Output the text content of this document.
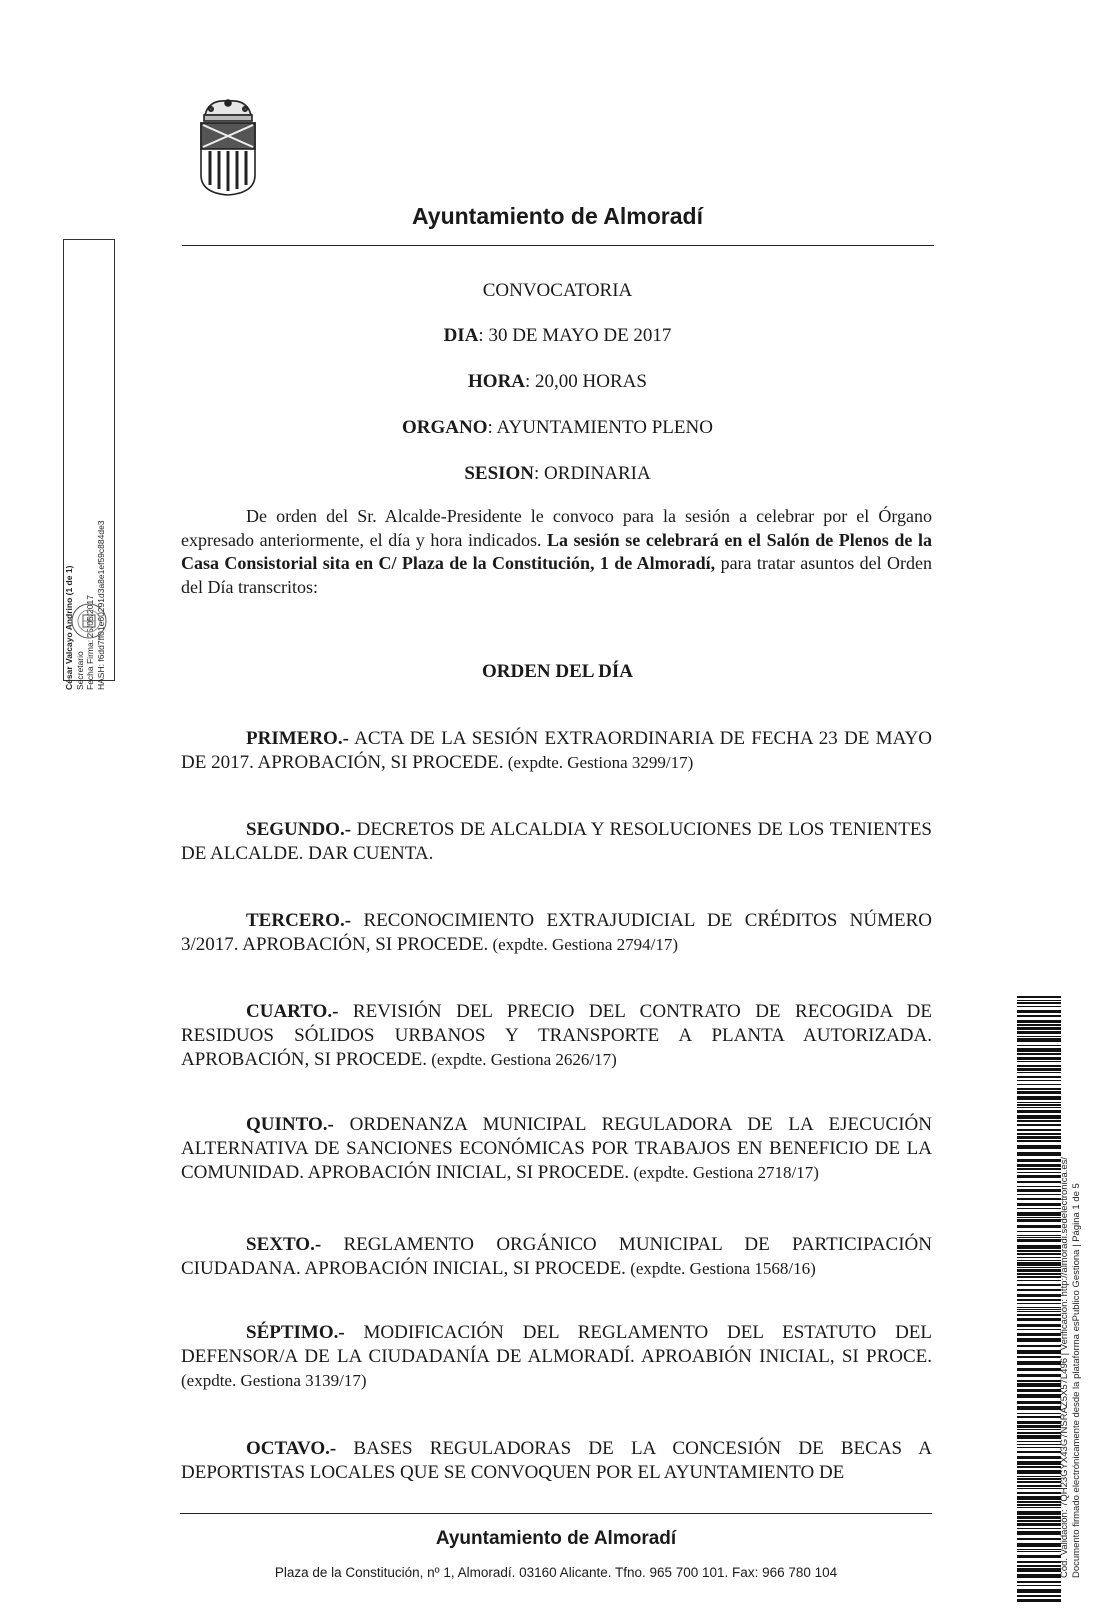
Ayuntamiento de Almoradí
César Valcayo Andrino (1 de 1) Secretario Fecha Firma: 25/05/2017 HASH: f6dd7ff01e60291d3a8e1ef59c884de3
CONVOCATORIA
DIA: 30 DE MAYO DE 2017
HORA: 20,00 HORAS
ORGANO: AYUNTAMIENTO PLENO
SESION: ORDINARIA
De orden del Sr. Alcalde-Presidente le convoco para la sesión a celebrar por el Órgano expresado anteriormente, el día y hora indicados. La sesión se celebrará en el Salón de Plenos de la Casa Consistorial sita en C/ Plaza de la Constitución, 1 de Almoradí, para tratar asuntos del Orden del Día transcritos:
ORDEN DEL DÍA
PRIMERO.- ACTA DE LA SESIÓN EXTRAORDINARIA DE FECHA 23 DE MAYO DE 2017. APROBACIÓN, SI PROCEDE. (expdte. Gestiona 3299/17)
SEGUNDO.- DECRETOS DE ALCALDIA Y RESOLUCIONES DE LOS TENIENTES DE ALCALDE. DAR CUENTA.
TERCERO.- RECONOCIMIENTO EXTRAJUDICIAL DE CRÉDITOS NÚMERO 3/2017. APROBACIÓN, SI PROCEDE. (expdte. Gestiona 2794/17)
CUARTO.- REVISIÓN DEL PRECIO DEL CONTRATO DE RECOGIDA DE RESIDUOS SÓLIDOS URBANOS Y TRANSPORTE A PLANTA AUTORIZADA. APROBACIÓN, SI PROCEDE. (expdte. Gestiona 2626/17)
QUINTO.- ORDENANZA MUNICIPAL REGULADORA DE LA EJECUCIÓN ALTERNATIVA DE SANCIONES ECONÓMICAS POR TRABAJOS EN BENEFICIO DE LA COMUNIDAD. APROBACIÓN INICIAL, SI PROCEDE. (expdte. Gestiona 2718/17)
SEXTO.- REGLAMENTO ORGÁNICO MUNICIPAL DE PARTICIPACIÓN CIUDADANA. APROBACIÓN INICIAL, SI PROCEDE. (expdte. Gestiona 1568/16)
SÉPTIMO.- MODIFICACIÓN DEL REGLAMENTO DEL ESTATUTO DEL DEFENSOR/A DE LA CIUDADANÍA DE ALMORADÍ. APROABIÓN INICIAL, SI PROCE. (expdte. Gestiona 3139/17)
OCTAVO.- BASES REGULADORAS DE LA CONCESIÓN DE BECAS A DEPORTISTAS LOCALES QUE SE CONVOQUEN POR EL AYUNTAMIENTO DE
Ayuntamiento de Almoradí
Plaza de la Constitución, nº 1, Almoradí. 03160 Alicante. Tfno. 965 700 101. Fax: 966 780 104	Cód. Validación: 7QH23GYX43G7NSRAZ5X57L496 | Verificación: http://almoradi.sedelectronica.es/ Documento firmado electrónicamente desde la plataforma esPublico Gestiona | Página 1 de 5
